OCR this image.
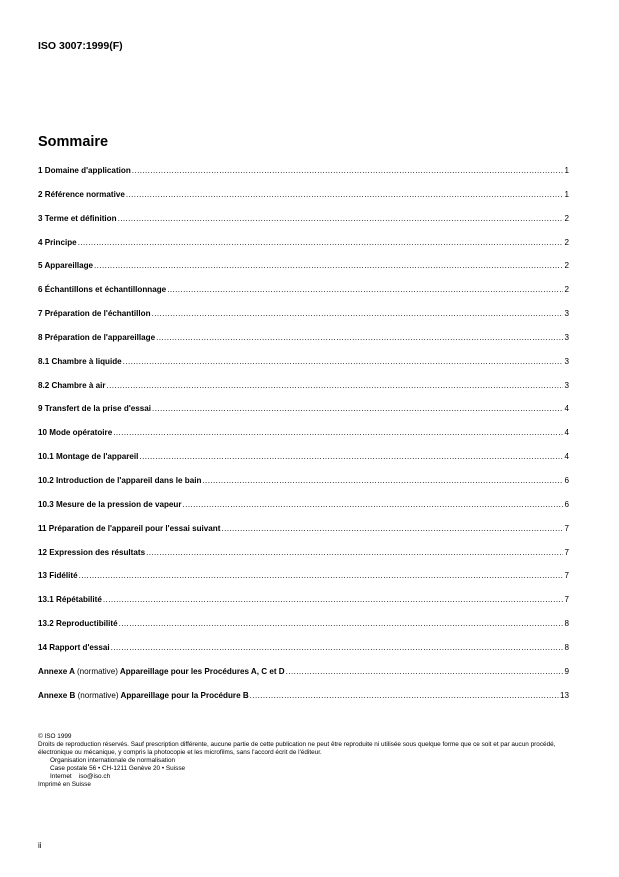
ISO 3007:1999(F)
Sommaire
1 Domaine d'application .....	1
2 Référence normative .....	1
3 Terme et définition .....	2
4 Principe .....	2
5 Appareillage .....	2
6 Échantillons et échantillonnage .....	2
7 Préparation de l'échantillon .....	3
8 Préparation de l'appareillage .....	3
8.1 Chambre à liquide .....	3
8.2 Chambre à air .....	3
9 Transfert de la prise d'essai .....	4
10 Mode opératoire .....	4
10.1 Montage de l'appareil .....	4
10.2 Introduction de l'appareil dans le bain .....	6
10.3 Mesure de la pression de vapeur .....	6
11 Préparation de l'appareil pour l'essai suivant .....	7
12 Expression des résultats .....	7
13 Fidélité .....	7
13.1 Répétabilité .....	7
13.2 Reproductibilité .....	8
14 Rapport d'essai .....	8
Annexe A (normative) Appareillage pour les Procédures A, C et D .....	9
Annexe B (normative) Appareillage pour la Procédure B .....	13

© ISO 1999

Droits de reproduction réservés. Sauf prescription différente, aucune partie de cette publication ne peut être reproduite ni utilisée sous quelque forme que ce soit et par aucun procédé, électronique ou mécanique, y compris la photocopie et les microfilms, sans l'accord écrit de l'éditeur.

Organisation internationale de normalisation

Case postale 56 • CH-1211 Genève 20 • Suisse

Internet iso@iso.ch

Imprimé en Suisse

ii
